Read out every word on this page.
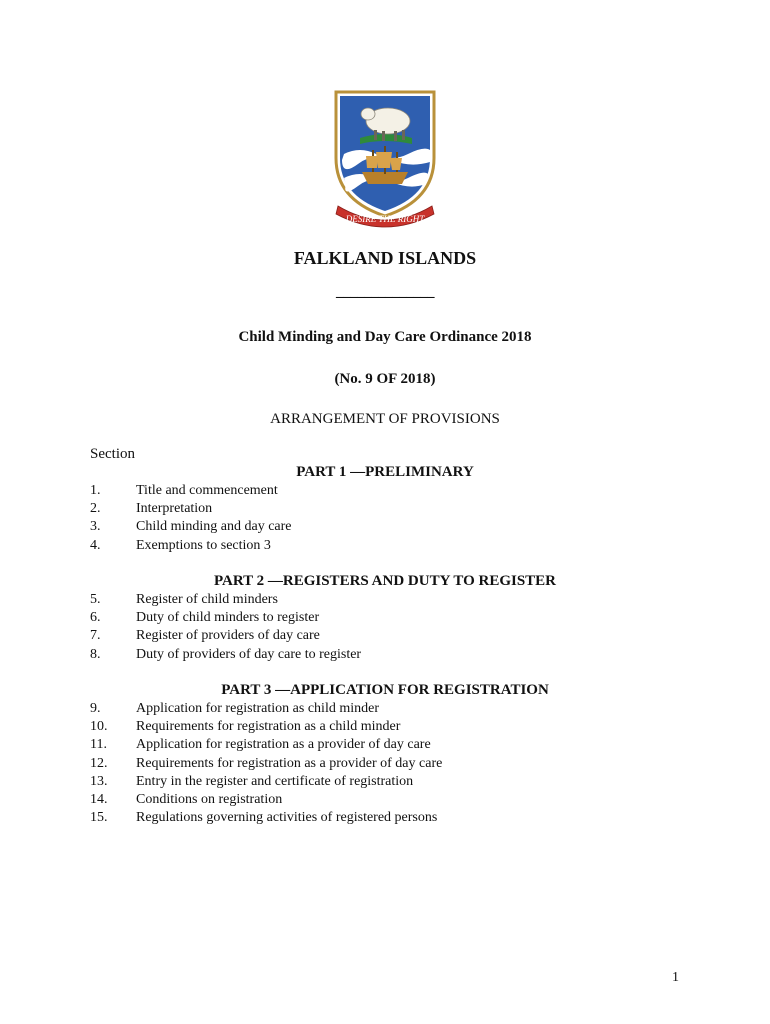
DESIRE THE RIGHT
FALKLAND ISLANDS
______________
Child Minding and Day Care Ordinance 2018
(No. 9 OF 2018)
ARRANGEMENT OF PROVISIONS
Section
PART 1 —PRELIMINARY
1.	Title and commencement
2.	Interpretation
3.	Child minding and day care
4.	Exemptions to section 3
PART 2 —REGISTERS AND DUTY TO REGISTER
5.	Register of child minders
6.	Duty of child minders to register
7.	Register of providers of day care
8.	Duty of providers of day care to register
PART 3 —APPLICATION FOR REGISTRATION
9.	Application for registration as child minder
10. Requirements for registration as a child minder
11. Application for registration as a provider of day care
12. Requirements for registration as a provider of day care
13. Entry in the register and certificate of registration
14. Conditions on registration
15. Regulations governing activities of registered persons
1
